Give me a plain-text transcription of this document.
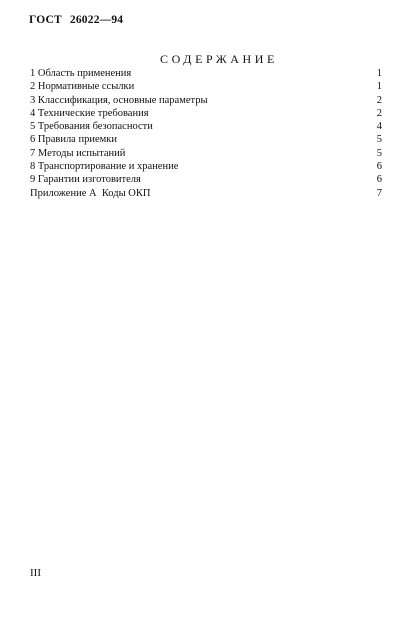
ГОСТ 26022—94
СОДЕРЖАНИЕ
1 Область применения	1
2 Нормативные ссылки	1
3 Классификация, основные параметры	2
4 Технические требования	2
5 Требования безопасности	4
6 Правила приемки	5
7 Методы испытаний	5
8 Транспортирование и хранение	6
9 Гарантии изготовителя	6
Приложение А  Коды ОКП	7
III
